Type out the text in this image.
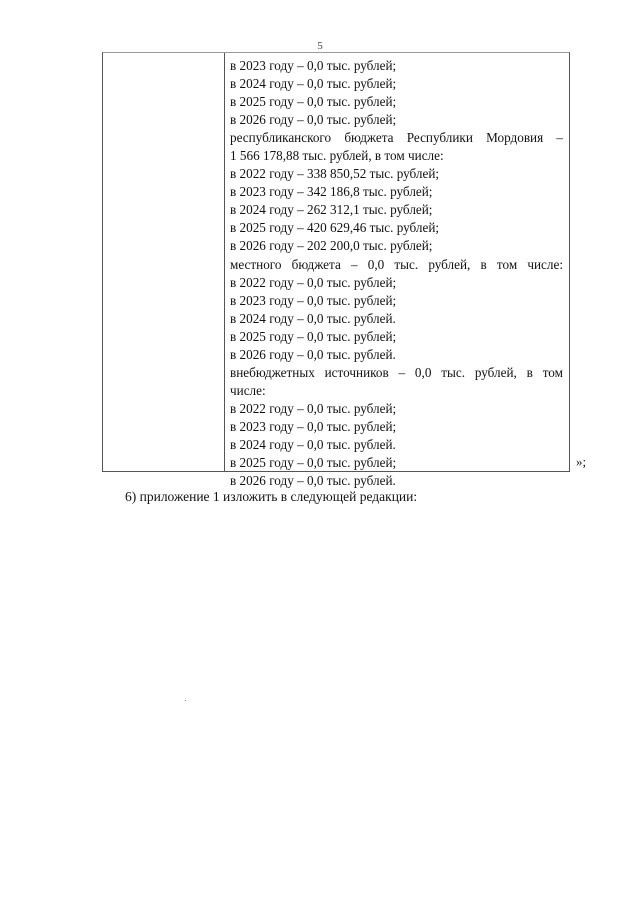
5
в 2023 году – 0,0 тыс. рублей;
в 2024 году – 0,0 тыс. рублей;
в 2025 году – 0,0 тыс. рублей;
в 2026 году – 0,0 тыс. рублей;
республиканского бюджета Республики Мордовия –
1 566 178,88 тыс. рублей, в том числе:
в 2022 году – 338 850,52 тыс. рублей;
в 2023 году – 342 186,8 тыс. рублей;
в 2024 году – 262 312,1 тыс. рублей;
в 2025 году – 420 629,46 тыс. рублей;
в 2026 году – 202 200,0 тыс. рублей;
местного бюджета – 0,0 тыс. рублей, в том числе:
в 2022 году – 0,0 тыс. рублей;
в 2023 году – 0,0 тыс. рублей;
в 2024 году – 0,0 тыс. рублей.
в 2025 году – 0,0 тыс. рублей;
в 2026 году – 0,0 тыс. рублей.
внебюджетных источников – 0,0 тыс. рублей, в том
числе:
в 2022 году – 0,0 тыс. рублей;
в 2023 году – 0,0 тыс. рублей;
в 2024 году – 0,0 тыс. рублей.
в 2025 году – 0,0 тыс. рублей;
в 2026 году – 0,0 тыс. рублей.
»;
6) приложение 1 изложить в следующей редакции:
